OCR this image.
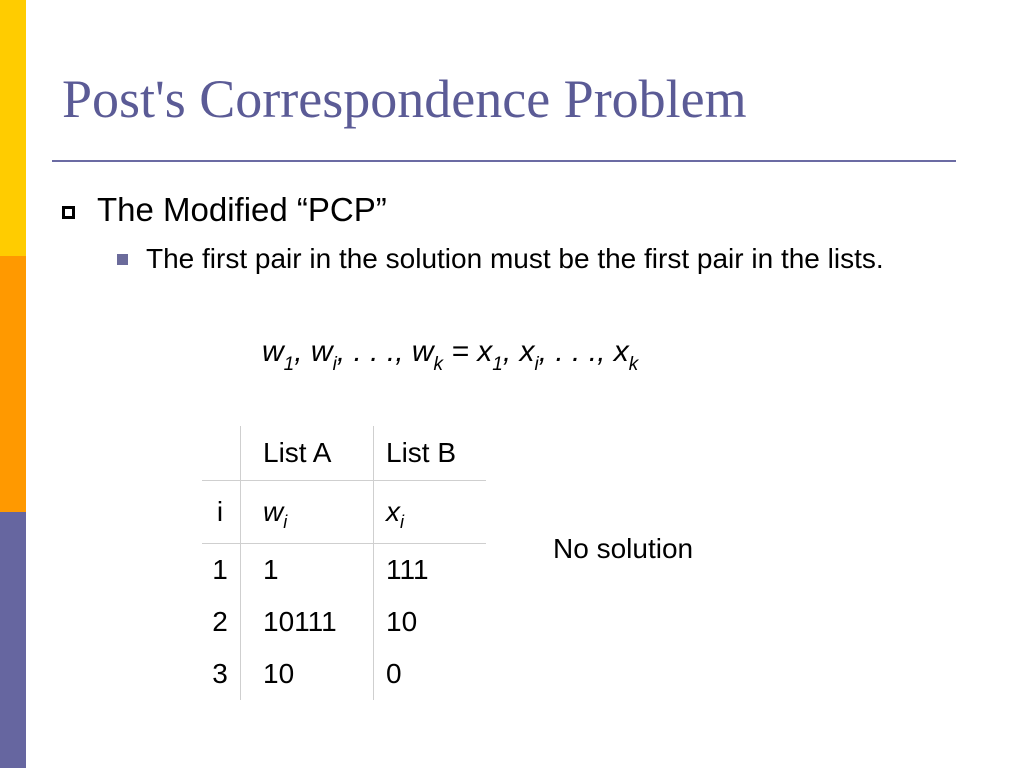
Post's Correspondence Problem
The Modified “PCP”
The first pair in the solution must be the first pair in the lists.
$w_1$, $w_i$, . . ., $w_k = x_1$, $x_i$, . . ., $x_k$
	List A	List B
i	$w_i$	$x_i$
1	1	111
2	10111	10
3	10	0
No solution
